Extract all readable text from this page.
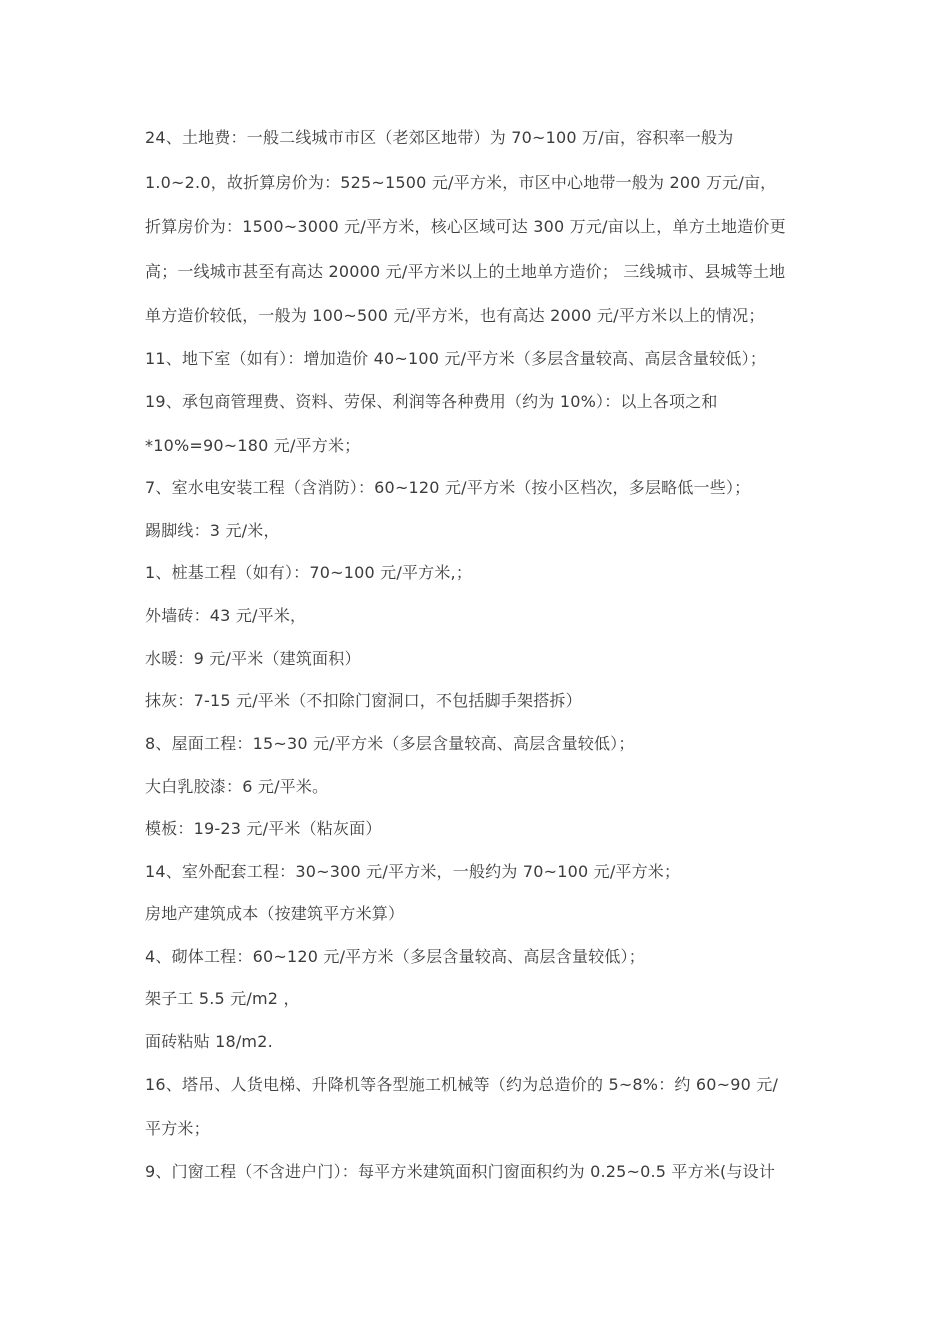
24、土地费：一般二线城市市区（老郊区地带）为 70~100 万/亩，容积率一般为
1.0~2.0，故折算房价为：525~1500 元/平方米，市区中心地带一般为 200 万元/亩，
折算房价为：1500~3000 元/平方米，核心区域可达 300 万元/亩以上，单方土地造价更
高；一线城市甚至有高达 20000 元/平方米以上的土地单方造价； 三线城市、县城等土地
单方造价较低，一般为 100~500 元/平方米，也有高达 2000 元/平方米以上的情况；
11、地下室（如有）：增加造价 40~100 元/平方米（多层含量较高、高层含量较低）；
19、承包商管理费、资料、劳保、利润等各种费用（约为 10%）：以上各项之和
*10%=90~180 元/平方米；
7、室水电安装工程（含消防）：60~120 元/平方米（按小区档次，多层略低一些）；
踢脚线：3 元/米，
1、桩基工程（如有）：70~100 元/平方米,；
外墙砖：43 元/平米，
水暖：9 元/平米（建筑面积）
抹灰：7-15 元/平米（不扣除门窗洞口，不包括脚手架搭拆）
8、屋面工程：15~30 元/平方米（多层含量较高、高层含量较低）；
大白乳胶漆：6 元/平米。
模板：19-23 元/平米（粘灰面）
14、室外配套工程：30~300 元/平方米，一般约为 70~100 元/平方米；
房地产建筑成本（按建筑平方米算）
4、砌体工程：60~120 元/平方米（多层含量较高、高层含量较低）；
架子工 5.5 元/m2 ，
面砖粘贴 18/m2.
16、塔吊、人货电梯、升降机等各型施工机械等（约为总造价的 5~8%：约 60~90 元/
平方米；
9、门窗工程（不含进户门）：每平方米建筑面积门窗面积约为 0.25~0.5 平方米(与设计
